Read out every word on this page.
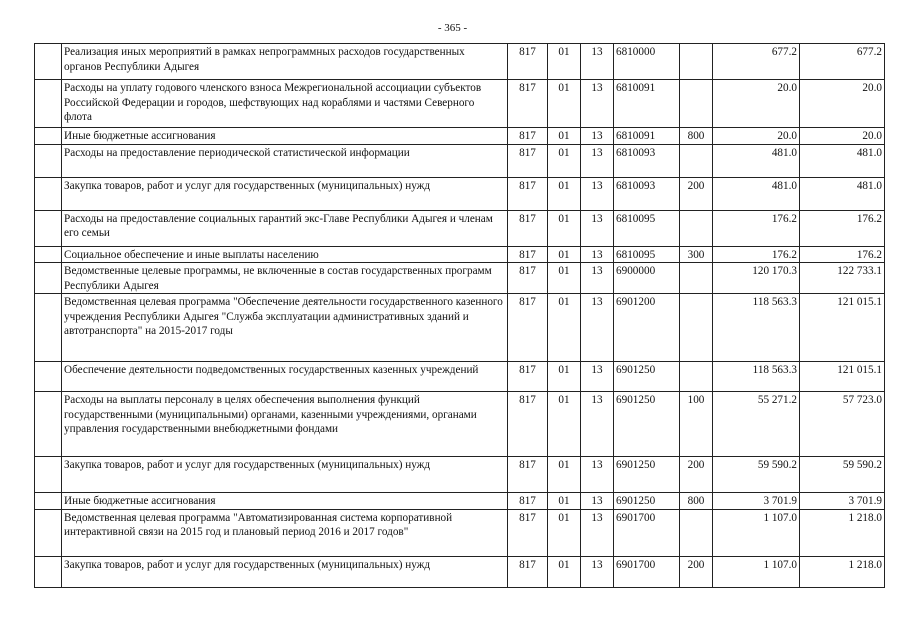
- 365 -
	Реализация иных мероприятий в рамках непрограммных расходов государственных органов Республики Адыгея	817	01	13	6810000		677.2	677.2
	Расходы на уплату годового членского взноса Межрегиональной ассоциации субъектов Российской Федерации и городов, шефствующих над кораблями и частями Северного флота	817	01	13	6810091		20.0	20.0
	Иные бюджетные ассигнования	817	01	13	6810091	800	20.0	20.0
	Расходы на предоставление периодической статистической информации	817	01	13	6810093		481.0	481.0
	Закупка товаров, работ и услуг для государственных (муниципальных) нужд	817	01	13	6810093	200	481.0	481.0
	Расходы на предоставление социальных гарантий экс-Главе Республики Адыгея и членам его семьи	817	01	13	6810095		176.2	176.2
	Социальное обеспечение и иные выплаты населению	817	01	13	6810095	300	176.2	176.2
	Ведомственные целевые программы, не включенные в состав государственных программ Республики Адыгея	817	01	13	6900000		120 170.3	122 733.1
	Ведомственная целевая программа "Обеспечение деятельности государственного казенного учреждения Республики Адыгея "Служба эксплуатации административных зданий и автотранспорта" на 2015-2017 годы	817	01	13	6901200		118 563.3	121 015.1
	Обеспечение деятельности подведомственных государственных казенных учреждений	817	01	13	6901250		118 563.3	121 015.1
	Расходы на выплаты персоналу в целях обеспечения выполнения функций государственными (муниципальными) органами, казенными учреждениями, органами управления государственными внебюджетными фондами	817	01	13	6901250	100	55 271.2	57 723.0
	Закупка товаров, работ и услуг для государственных (муниципальных) нужд	817	01	13	6901250	200	59 590.2	59 590.2
	Иные бюджетные ассигнования	817	01	13	6901250	800	3 701.9	3 701.9
	Ведомственная целевая программа "Автоматизированная система корпоративной интерактивной связи на 2015 год и плановый период 2016 и 2017 годов"	817	01	13	6901700		1 107.0	1 218.0
	Закупка товаров, работ и услуг для государственных (муниципальных) нужд	817	01	13	6901700	200	1 107.0	1 218.0
